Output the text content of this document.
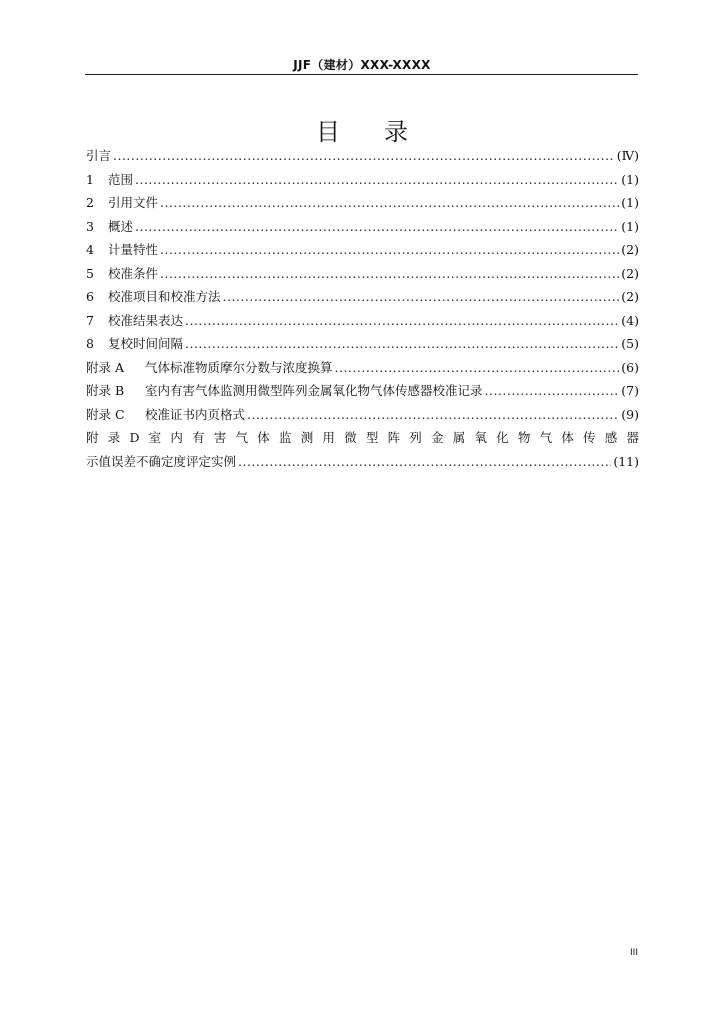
JJF（建材）XXX-XXXX
目录
引言 .....	(Ⅳ)
1	范围 .....	(1)
2	引用文件 .....	(1)
3	概述 .....	(1)
4	计量特性 .....	(2)
5	校准条件 .....	(2)
6	校准项目和校准方法 .....	(2)
7	校准结果表达 .....	(4)
8	复校时间间隔 .....	(5)
附录 A	气体标准物质摩尔分数与浓度换算 .....	(6)
附录 B	室内有害气体监测用微型阵列金属氧化物气体传感器校准记录 .....	(7)
附录 C	校准证书内页格式 .....	(9)
附 录 D 室 内 有 害 气 体 监 测 用 微 型 阵 列 金 属 氧 化 物 气 体 传 感 器
示值误差不确定度评定实例 .....	(11)
III
